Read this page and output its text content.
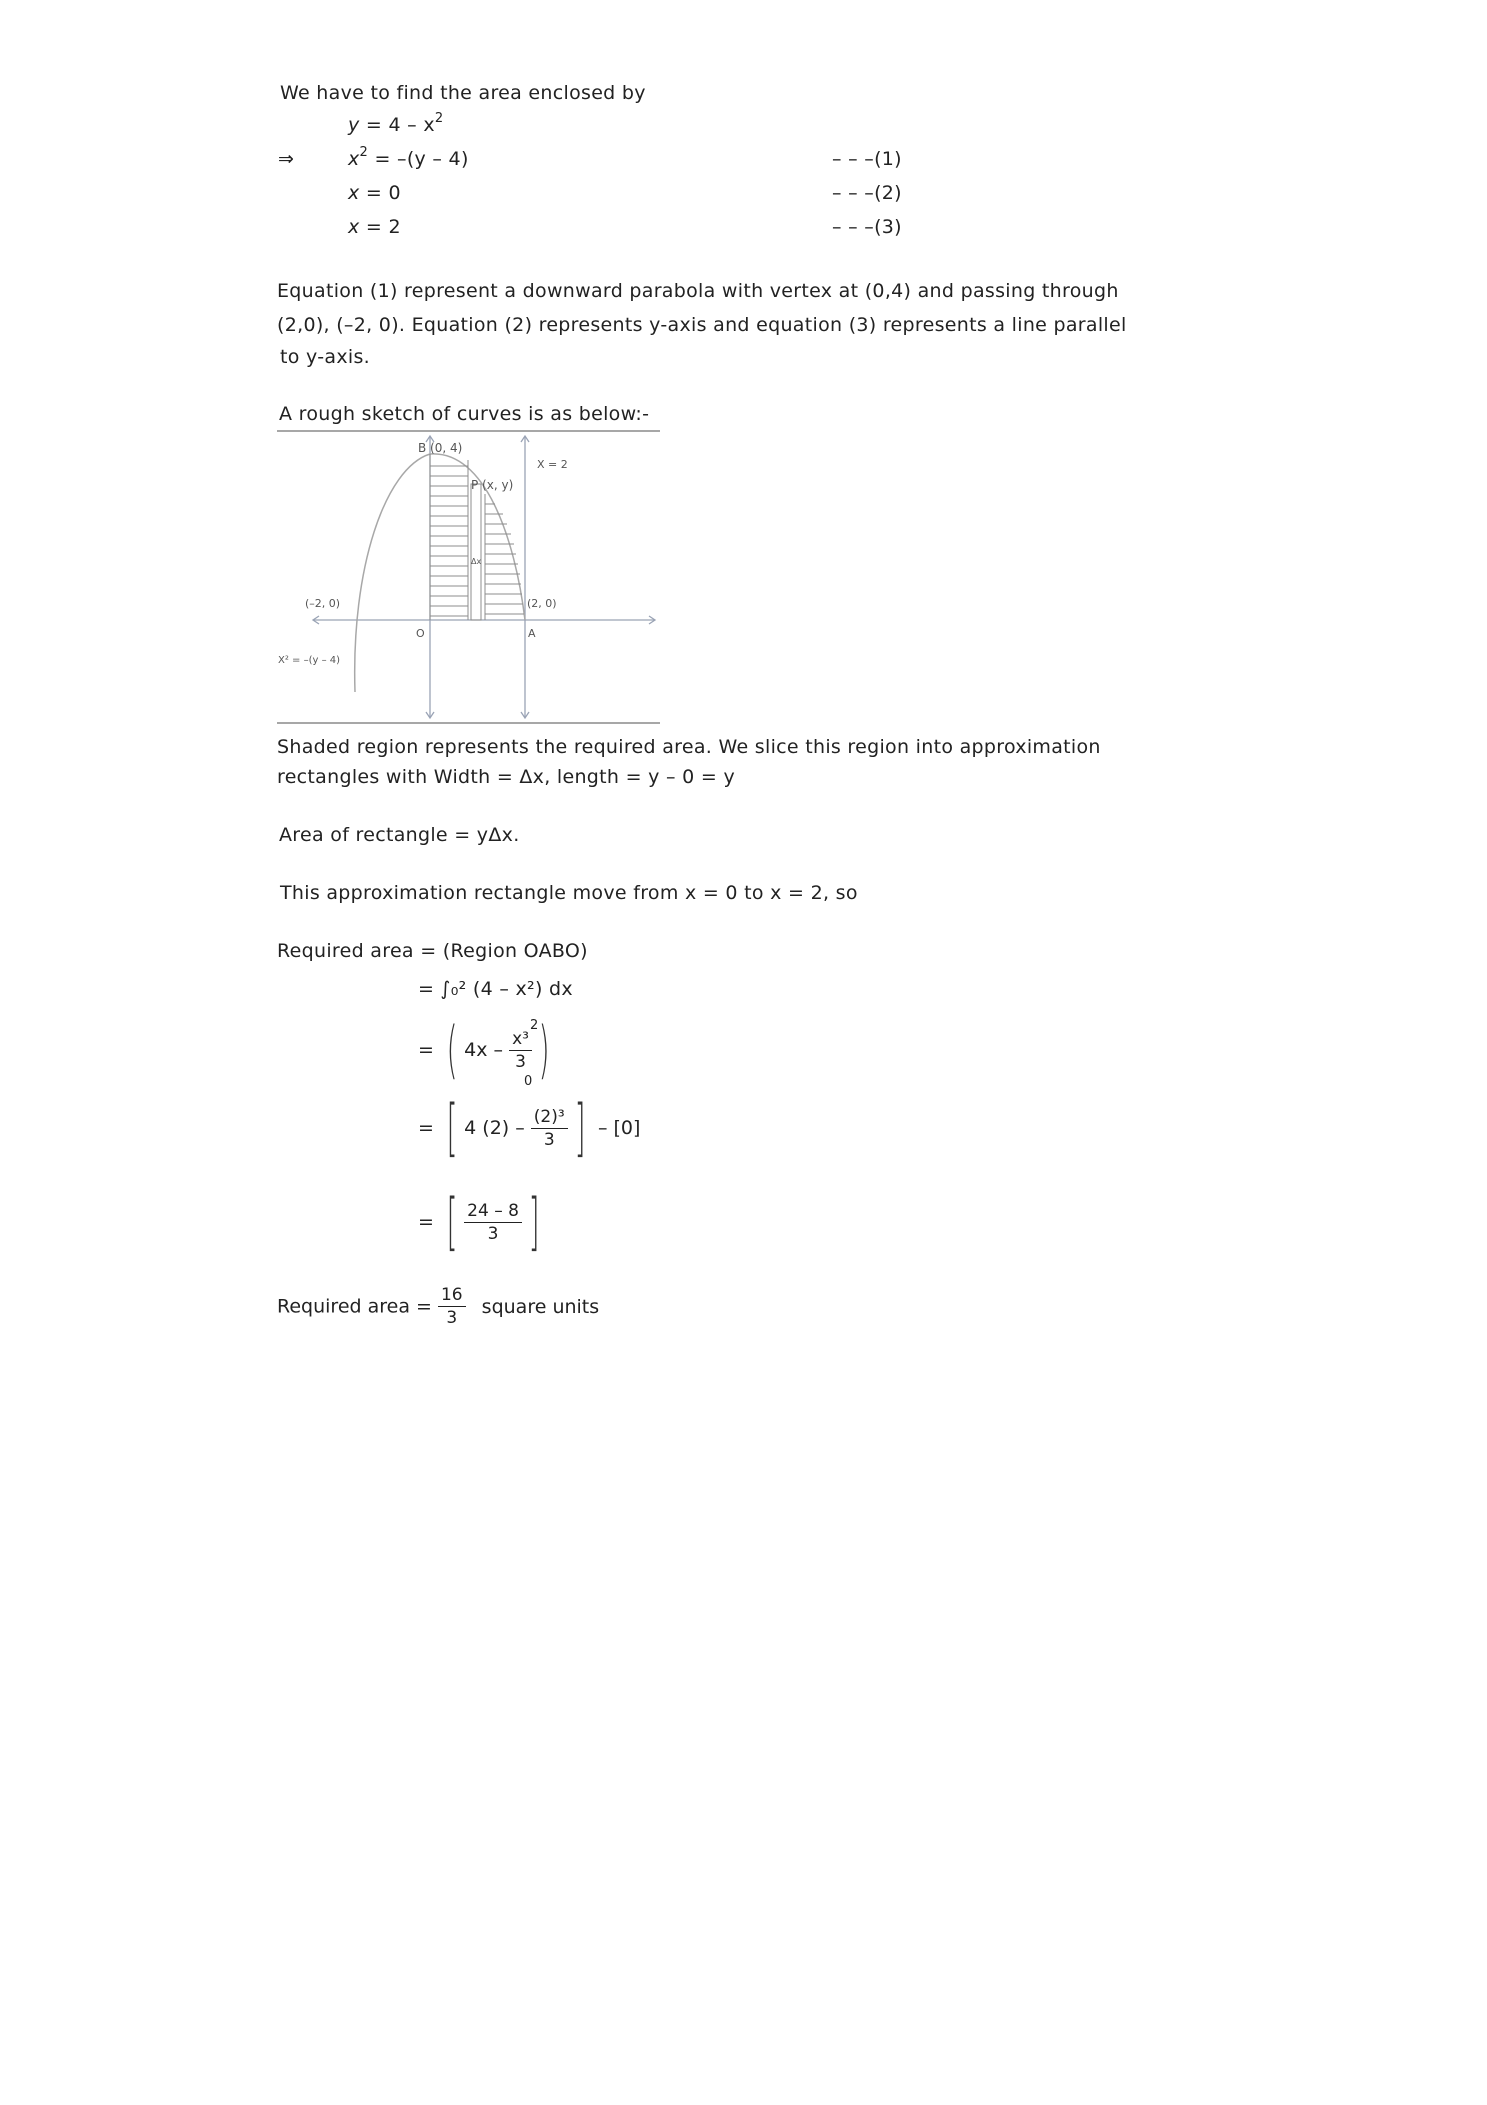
We have to find the area enclosed by
$y = 4 - x^2$
⇒	$x^2 = -(y - 4)$	– – –(1)
x = 0	– – –(2)
x = 2	– – –(3)
Equation (1) represent a downward parabola with vertex at (0,4) and passing through
(2,0), (–2, 0). Equation (2) represents y-axis and equation (3) represents a line parallel
to y-axis.
A rough sketch of curves is as below:-
B (0, 4)
P (x, y)
X = 2
(–2, 0)	(2, 0)
O	A
X² = –(y – 4)
Δx
Shaded region represents the required area. We slice this region into approximation
rectangles with Width = Δx, length = y – 0 = y
Area of rectangle = yΔx.
This approximation rectangle move from x = 0 to x = 2, so
Required area = (Region OABO)
= ∫₀² (4 – x²) dx
= ( $4x - \frac{\text{x³}}{3}$ )
2
0
= [ 4 $(2) - \frac{\text{(2)³}}{3}$ ] – [0]
= [ $\frac{24 - 8}{3}$ ]
Required area = $\frac{16}{3}$ square units
